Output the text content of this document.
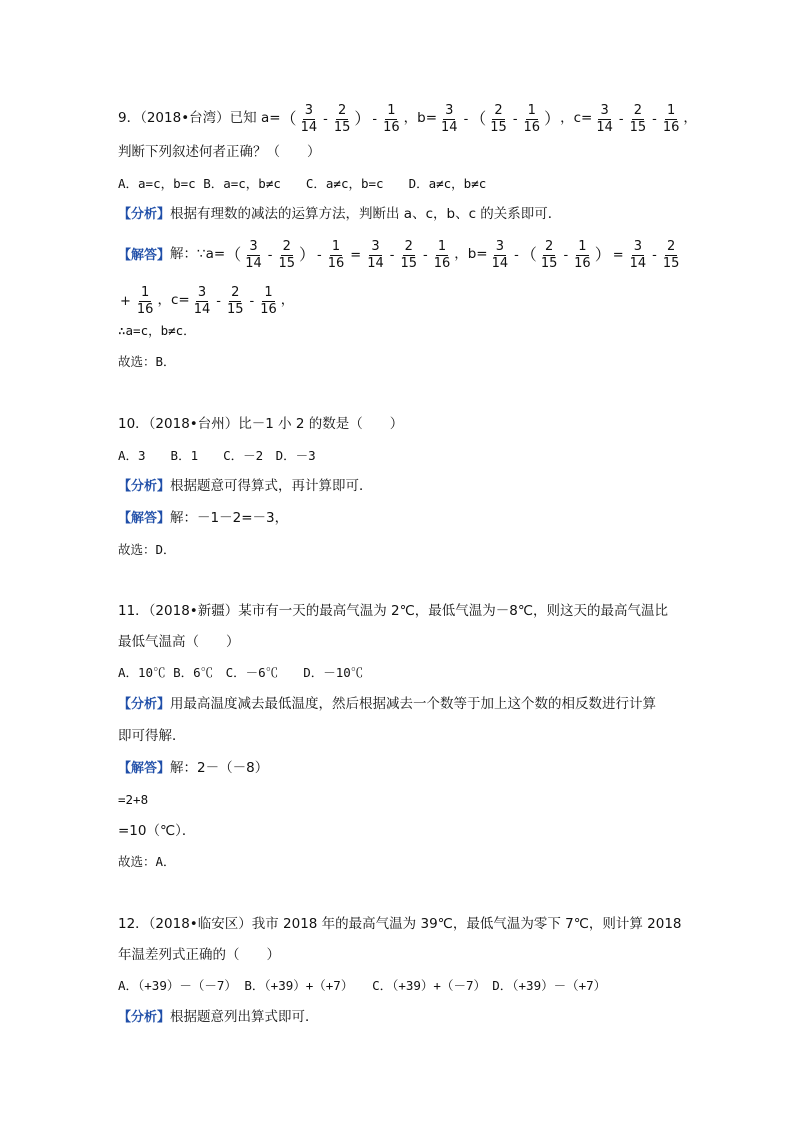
9．（2018•台湾）已知 a= （ $\frac{3}{14} - \frac{2}{15}$ ） - $\frac{1}{16}$ ，$b= \frac{3}{14}$ - （ $\frac{2}{15} - \frac{1}{16}$ ） ，$c= \frac{3}{14} - \frac{2}{15} - \frac{1}{16}$ ，
判断下列叙述何者正确？（　　）
A．a=c，b=c B．a=c，b≠c　　C．a≠c，b=c　　D．a≠c，b≠c
【分析】 根据有理数的减法的运算方法，判断出 a、c，b、c 的关系即可．
【解答】 解：∵a= （ $\frac{3}{14} - \frac{2}{15}$ ） - $\frac{1}{16} = \frac{3}{14} - \frac{2}{15} - \frac{1}{16}$ ，$b= \frac{3}{14}$ - （ $\frac{2}{15} - \frac{1}{16}$ ） = $\frac{3}{14} - \frac{2}{15}$
+ $\frac{1}{16}$ ，$c= \frac{3}{14} - \frac{2}{15} - \frac{1}{16}$ ，
∴a=c，b≠c．
故选：B．
10．（2018•台州）比－1 小 2 的数是（　　）
A．3　　B．1　　C．－2　D．－3
【分析】 根据题意可得算式，再计算即可．
【解答】 解：－1－2=－3，
故选：D．
11．（2018•新疆）某市有一天的最高气温为 2℃，最低气温为－8℃，则这天的最高气温比
最低气温高（　　）
A．10℃ B．6℃　C．－6℃　　D．－10℃
【分析】 用最高温度减去最低温度，然后根据减去一个数等于加上这个数的相反数进行计算
即可得解．
【解答】 解：2－（－8）
=2+8
=10（℃）．
故选：A．
12．（2018•临安区）我市 2018 年的最高气温为 39℃，最低气温为零下 7℃，则计算 2018
年温差列式正确的（　　）
A．（+39）－（－7） B．（+39）+（+7）　　C．（+39）+（－7）　D．（+39）－（+7）
【分析】 根据题意列出算式即可．
